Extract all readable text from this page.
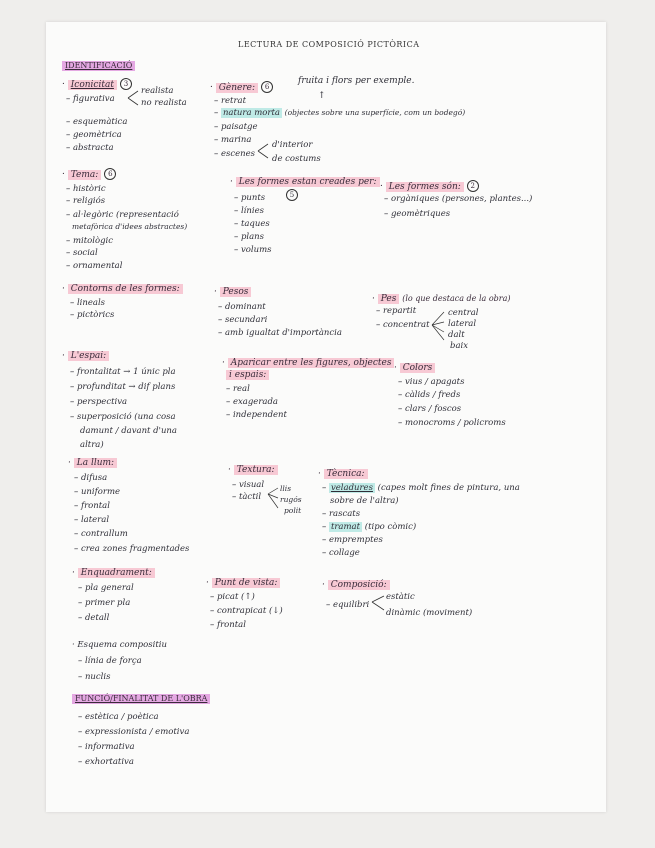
LECTURA DE COMPOSICIÓ PICTÒRICA
IDENTIFICACIÓ
· Iconicitat 3
– figurativa
realista
no realista
– esquemàtica
– geomètrica
– abstracta
· Tema: 6
– històric
– religiós
– al·legòric (representació
metafòrica d'idees abstractes)
– mitològic
– social
– ornamental
· Gènere: 6
fruita i flors per exemple.
↑
– retrat
– natura morta (objectes sobre una superfície, com un bodegó)
– paisatge
– marina
– escenes
d'interior
de costums
· Les formes estan creades per:
5
– punts
– línies
– taques
– plans
– volums
· Les formes són: 2
– orgàniques (persones, plantes...)
– geomètriques
· Contorns de les formes:
– lineals
– pictòrics
· Pesos
– dominant
– secundari
– amb igualtat d'importància
· Pes (lo que destaca de la obra)
– repartit
– concentrat
central
lateral
dalt
baix
· L'espai:
– frontalitat → 1 únic pla
– profunditat → dif plans
– perspectiva
– superposició (una cosa
damunt / davant d'una
altra)
· Aparicar entre les figures, objectes
i espais:
– real
– exagerada
– independent
· Colors
– vius / apagats
– càlids / freds
– clars / foscos
– monocroms / policroms
· La llum:
– difusa
– uniforme
– frontal
– lateral
– contrallum
– crea zones fragmentades
· Textura:
– visual
– tàctil
llis
rugós
polit
· Tècnica:
– veladures (capes molt fines de pintura, una
sobre de l'altra)
– rascats
– tramat (tipo còmic)
– empremptes
– collage
· Enquadrament:
– pla general
– primer pla
– detall
· Punt de vista:
– picat (↑)
– contrapicat (↓)
– frontal
· Composició:
– equilibri
estàtic
dinàmic (moviment)
· Esquema compositiu
– línia de força
– nuclis
FUNCIÓ/FINALITAT DE L'OBRA
– estètica / poètica
– expressionista / emotiva
– informativa
– exhortativa
